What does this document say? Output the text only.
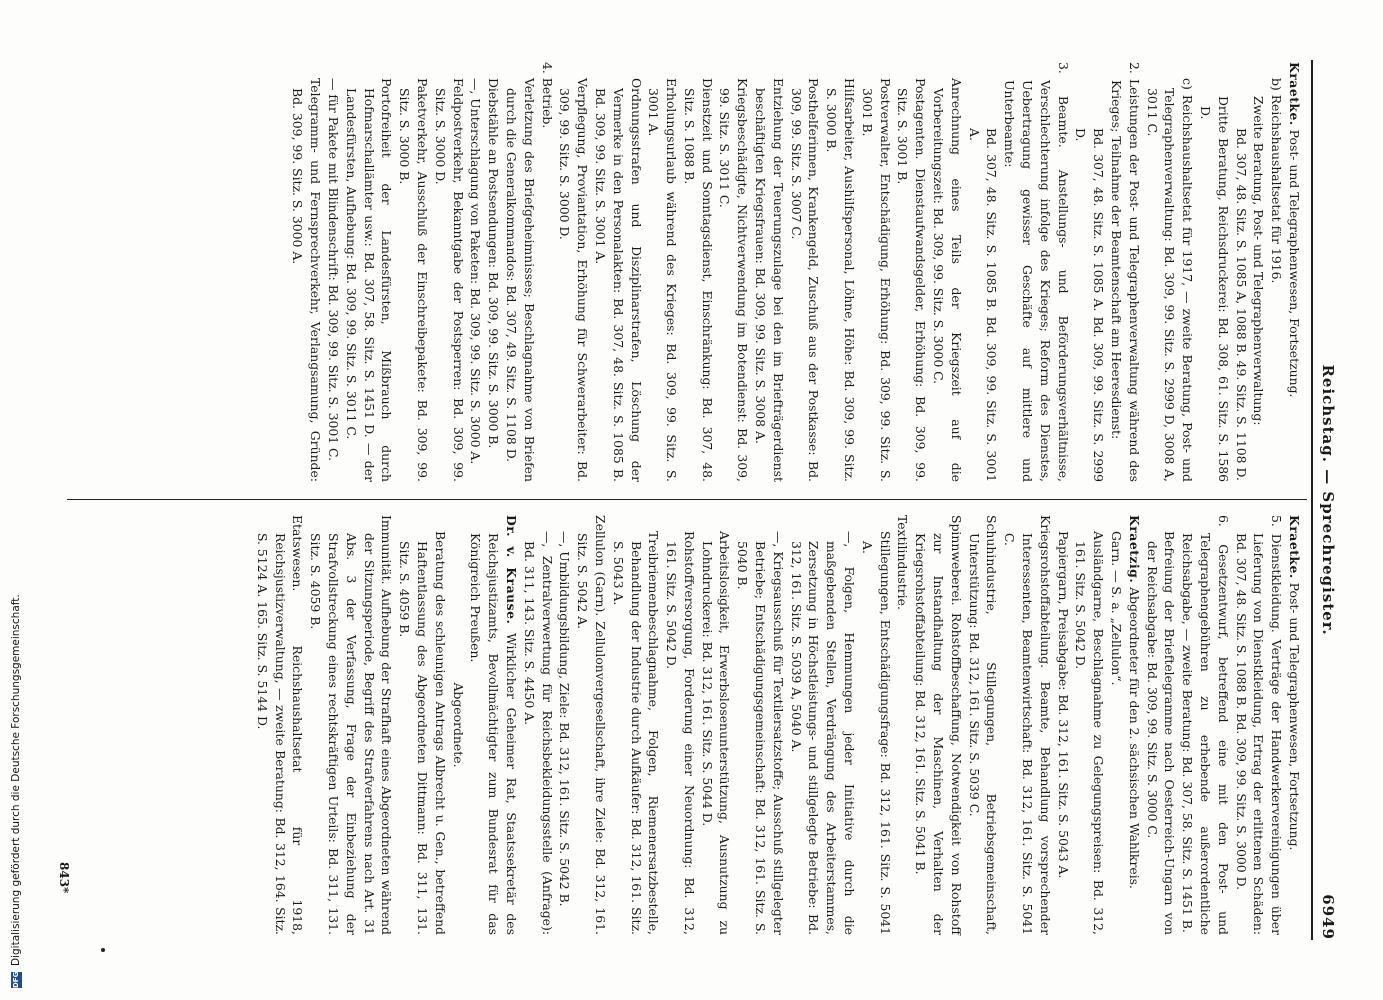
Reichstag. — Sprechregister.
6949

Kraetke. Post- und Telegraphenwesen, Fortsetzung.

b) Reichshaushaltsetat für 1916.

Zweite Beratung, Post- und Telegraphenverwaltung:

Bd. 307, 48. Sitz. S. 1085 A, 1088 B. 49. Sitz. S. 1108 D.

Dritte Beratung, Reichsdruckerei: Bd. 308, 61. Sitz. S. 1586 D.

c) Reichshaushaltsetat für 1917, — zweite Beratung, Post- und Telegraphenverwaltung: Bd. 309, 99. Sitz. S. 2999 D, 3008 A, 3011 C.

2. Leistungen der Post- und Telegraphenverwaltung während des Krieges; Teilnahme der Beamtenschaft am Heeresdienst:

Bd. 307, 48. Sitz. S. 1085 A. Bd. 309, 99. Sitz. S. 2999 D.

3. Beamte. Anstellungs- und Beförderungsverhältnisse, Verschlechterung infolge des Krieges; Reform des Dienstes, Uebertragung gewisser Geschäfte auf mittlere und Unterbeamte:

Bd. 307, 48. Sitz. S. 1085 B. Bd. 309, 99. Sitz. S. 3001 A.

Anrechnung eines Teils der Kriegszeit auf die Vorbereitungszeit: Bd. 309, 99. Sitz. S. 3000 C.

Postagenten. Dienstaufwandsgelder, Erhöhung: Bd. 309, 99. Sitz. S. 3001 B.

Postverwalter, Entschädigung, Erhöhung: Bd. 309, 99. Sitz. S. 3001 B.

Hilfsarbeiter, Aushilfspersonal, Löhne, Höhe: Bd. 309, 99. Sitz. S. 3000 B.

Posthelferinnen, Krankengeld, Zuschuß aus der Postkasse: Bd. 309, 99. Sitz. S. 3007 C.

Entziehung der Teuerungszulage bei den im Briefträgerdienst beschäftigten Kriegsfrauen: Bd. 309, 99. Sitz. S. 3008 A.

Kriegsbeschädigte, Nichtverwendung im Botendienst: Bd. 309, 99. Sitz. S. 3011 C.

Dienstzeit und Sonntagsdienst, Einschränkung: Bd. 307, 48. Sitz. S. 1088 B.

Erholungsurlaub während des Krieges: Bd. 309, 99. Sitz. S. 3001 A.

Ordnungsstrafen und Disziplinarstrafen, Löschung der Vermerke in den Personalakten: Bd. 307, 48. Sitz. S. 1085 B. Bd. 309, 99. Sitz. S. 3001 A.

Verpflegung, Proviantation, Erhöhung für Schwerarbeiter: Bd. 309, 99. Sitz. S. 3000 D.

4. Betrieb.

Verletzung des Briefgeheimnisses; Beschlagnahme von Briefen durch die Generalkommandos: Bd. 307, 49. Sitz. S. 1108 D.

Diebstähle an Postsendungen: Bd. 309, 99. Sitz. S. 3000 B.

—, Unterschlagung von Paketen: Bd. 309, 99. Sitz. S. 3000 A.

Feldpostverkehr, Bekanntgabe der Postsperren: Bd. 309, 99. Sitz. S. 3000 D.

Paketverkehr, Ausschluß der Einschreibepakete: Bd. 309, 99. Sitz. S. 3000 B.

Portofreiheit der Landesfürsten, Mißbrauch durch Hofmarschallämter usw.: Bd. 307, 58. Sitz. S. 1451 D. — der Landesfürsten, Aufhebung: Bd. 309, 99. Sitz. S. 3011 C.

— für Pakete mit Blindenschrift: Bd. 309, 99. Sitz. S. 3001 C.

Telegramm- und Fernsprechverkehr, Verlangsamung, Gründe: Bd. 309, 99. Sitz. S. 3000 A.

Kraetke. Post- und Telegraphenwesen, Fortsetzung.

5. Dienstkleidung. Verträge der Handwerkervereinigungen über Lieferung von Dienstkleidung, Ertrag der erlittenen Schäden: Bd. 307, 48. Sitz. S. 1088 B. Bd. 309, 99. Sitz. S. 3000 D.

6. Gesetzentwurf, betreffend eine mit den Post- und Telegraphengebühren zu erhebende außerordentliche Reichsabgabe, — zweite Beratung: Bd. 307, 58. Sitz. S. 1451 B.

Befreiung der Brieftelegramme nach Oesterreich-Ungarn von der Reichsabgabe: Bd. 309, 99. Sitz. S. 3000 C.

Kraetzig. Abgeordneter für den 2. sächsischen Wahlkreis.

Garn. — S. a. „Zellulon“.

Ausländgarne, Beschlagnahme zu Gelegungspreisen: Bd. 312, 161. Sitz. S. 5042 D.

Papiergarn, Preisabgabe: Bd. 312, 161. Sitz. S. 5043 A.

Kriegsrohstoffabteilung. Beamte, Behandlung vorsprechender Interessenten, Beamtenwirtschaft: Bd. 312, 161. Sitz. S. 5041 C.

Schuhindustrie, Stillegungen, Betriebsgemeinschaft, Unterstützung: Bd. 312, 161. Sitz. S. 5039 C.

Spinnweberei. Rohstoffbeschaffung, Notwendigkeit von Rohstoff zur Instandhaltung der Maschinen, Verhalten der Kriegsrohstoffabteilung: Bd. 312, 161. Sitz. S. 5041 B.

Textilindustrie.

Stillegungen, Entschädigungsfrage: Bd. 312, 161. Sitz. S. 5041 A.

—, Folgen, Hemmungen jeder Initiative durch die maßgebenden Stellen, Verdrängung des Arbeiterstammes, Zersetzung in Höchstleistungs- und stillgelegte Betriebe: Bd. 312, 161. Sitz. S. 5039 A, 5040 A.

—, Kriegsausschuß für Textilersatzstoffe; Ausschuß stillgelegter Betriebe; Entschädigungsgemeinschaft: Bd. 312, 161. Sitz. S. 5040 B.

Arbeitslosigkeit, Erwerbslosenunterstützung, Ausnutzung zu Lohndruckerei: Bd. 312, 161. Sitz. S. 5044 D.

Rohstoffversorgung, Forderung einer Neuordnung: Bd. 312, 161. Sitz. S. 5042 D.

Treibriemenbeschlagnahme, Folgen, Riemenersatzbestelle, Behandlung der Industrie durch Aufkäufer: Bd. 312, 161. Sitz. S. 5043 A.

Zellulon (Garn). Zellulonvergesellschaft, ihre Ziele: Bd. 312, 161. Sitz. S. 5042 A.

—, Umbildungsbildung, Ziele: Bd. 312, 161. Sitz. S. 5042 B.

—, Zentralverwertung für Reichsbekleidungsstelle (Anfrage): Bd. 311, 143. Sitz. S. 4450 A.

Dr. v. Krause. Wirklicher Geheimer Rat, Staatssekretär des Reichsjustizamts, Bevollmächtigter zum Bundesrat für das Königreich Preußen.

Abgeordnete.

Beratung des schleunigen Antrags Albrecht u. Gen., betreffend Haftentlassung des Abgeordneten Dittmann: Bd. 311, 131. Sitz. S. 4059 B.

Immunität. Aufhebung der Strafhaft eines Abgeordneten während der Sitzungsperiode, Begriff des Strafverfahrens nach Art. 31 Abs. 3 der Verfassung, Frage der Einbeziehung der Strafvollstreckung eines rechtskräftigen Urteils: Bd. 311, 131. Sitz. S. 4059 B.

Etatswesen. Reichshaushaltsetat für 1918, Reichsjustizverwaltung, — zweite Beratung: Bd. 312, 164. Sitz. S. 5124 A. 165. Sitz. S. 5144 D.

843*
DFG
Digitalisierung gefördert durch die Deutsche Forschungsgemeinschaft.
